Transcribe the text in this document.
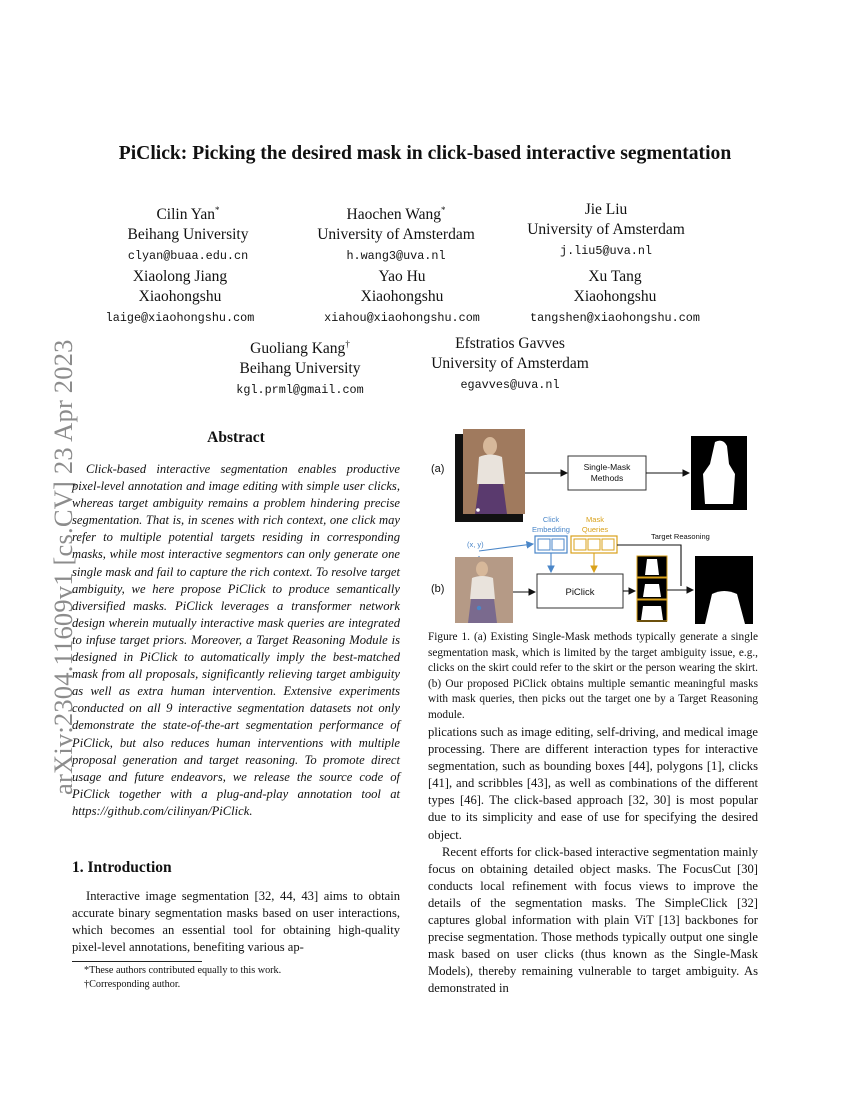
arXiv:2304.11609v1 [cs.CV] 23 Apr 2023
PiClick: Picking the desired mask in click-based interactive segmentation
Cilin Yan*
Beihang University
clyan@buaa.edu.cn
Haochen Wang*
University of Amsterdam
h.wang3@uva.nl
Jie Liu
University of Amsterdam
j.liu5@uva.nl
Xiaolong Jiang
Xiaohongshu
laige@xiaohongshu.com
Yao Hu
Xiaohongshu
xiahou@xiaohongshu.com
Xu Tang
Xiaohongshu
tangshen@xiaohongshu.com
Guoliang Kang†
Beihang University
kgl.prml@gmail.com
Efstratios Gavves
University of Amsterdam
egavves@uva.nl
Abstract

Click-based interactive segmentation enables productive pixel-level annotation and image editing with simple user clicks, whereas target ambiguity remains a problem hindering precise segmentation. That is, in scenes with rich context, one click may refer to multiple potential targets residing in corresponding masks, while most interactive segmentors can only generate one single mask and fail to capture the rich context. To resolve target ambiguity, we here propose PiClick to produce semantically diversified masks. PiClick leverages a transformer network design wherein mutually interactive mask queries are integrated to infuse target priors. Moreover, a Target Reasoning Module is designed in PiClick to automatically imply the best-matched mask from all proposals, significantly relieving target ambiguity as well as extra human intervention. Extensive experiments conducted on all 9 interactive segmentation datasets not only demonstrate the state-of-the-art segmentation performance of PiClick, but also reduces human interventions with multiple proposal generation and target reasoning. To promote direct usage and future endeavors, we release the source code of PiClick together with a plug-and-play annotation tool at https://github.com/cilinyan/PiClick.

1. Introduction

Interactive image segmentation [32, 44, 43] aims to obtain accurate binary segmentation masks based on user interactions, which becomes an essential tool for obtaining high-quality pixel-level annotations, benefiting various ap-

*These authors contributed equally to this work.
†Corresponding author.
(a)	Single-Mask
Methods
Click
Embedding
Mask
Queries
Target Reasoning
(x, y)
(b)	PiClick
Figure 1. (a) Existing Single-Mask methods typically generate a single segmentation mask, which is limited by the target ambiguity issue, e.g., clicks on the skirt could refer to the skirt or the person wearing the skirt. (b) Our proposed PiClick obtains multiple semantic meaningful masks with mask queries, then picks out the target one by a Target Reasoning module.

plications such as image editing, self-driving, and medical image processing. There are different interaction types for interactive segmentation, such as bounding boxes [44], polygons [1], clicks [41], and scribbles [43], as well as combinations of the different types [46]. The click-based approach [32, 30] is most popular due to its simplicity and ease of use for specifying the desired object.

Recent efforts for click-based interactive segmentation mainly focus on obtaining detailed object masks. The FocusCut [30] conducts local refinement with focus views to improve the details of the segmentation masks. The SimpleClick [32] captures global information with plain ViT [13] backbones for precise segmentation. Those methods typically output one single mask based on user clicks (thus known as the Single-Mask Models), thereby remaining vulnerable to target ambiguity. As demonstrated in
